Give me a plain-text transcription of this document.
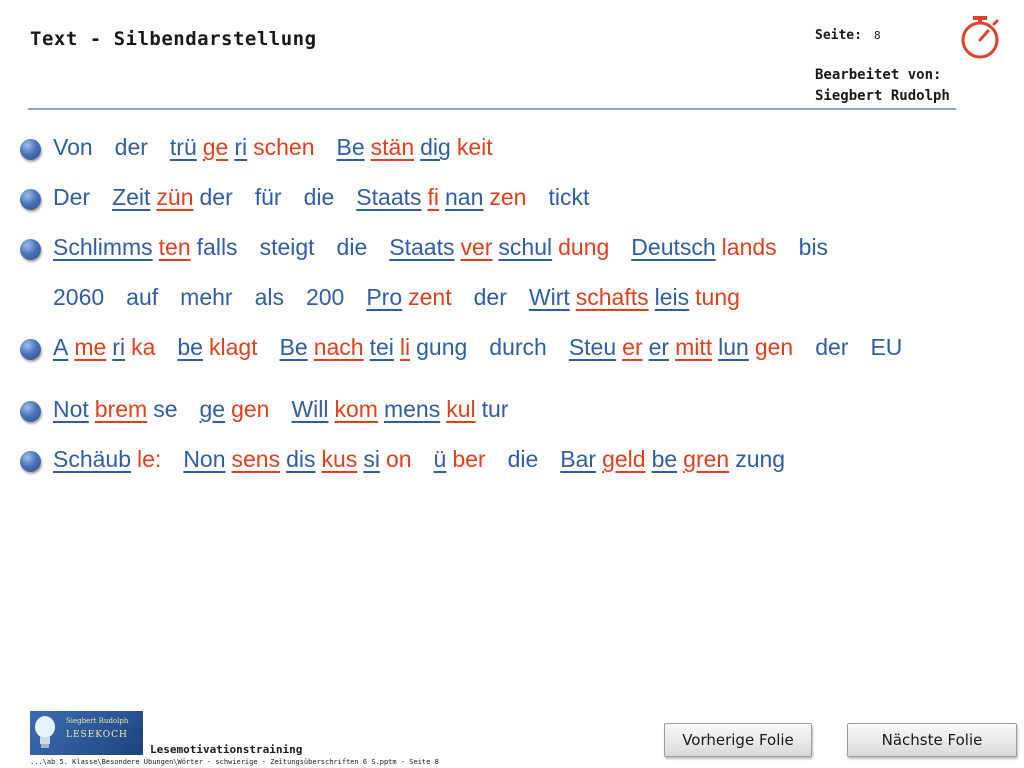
Text - Silbendarstellung	Seite: 8
Bearbeitet von:
Siegbert Rudolph
Von der trü ge ri schen Be stän dig keit
Der Zeit zün der für die Staats fi nan zen tickt
Schlimms ten falls steigt die Staats ver schul dung Deutsch lands bis
2060 auf mehr als 200 Pro zent der Wirt schafts leis tung
A me ri ka be klagt Be nach tei li gung durch Steu er er mitt lun gen der EU
Not brem se ge gen Will kom mens kul tur
Schäub le: Non sens dis kus si on ü ber die Bar geld be gren zung
Siegbert Rudolph
LESEKOCH
Lesemotivationstraining
...\ab 5. Klasse\Besondere Übungen\Wörter - schwierige - Zeitungsüberschriften 6 S.pptm - Seite 8
Vorherige Folie	Nächste Folie
